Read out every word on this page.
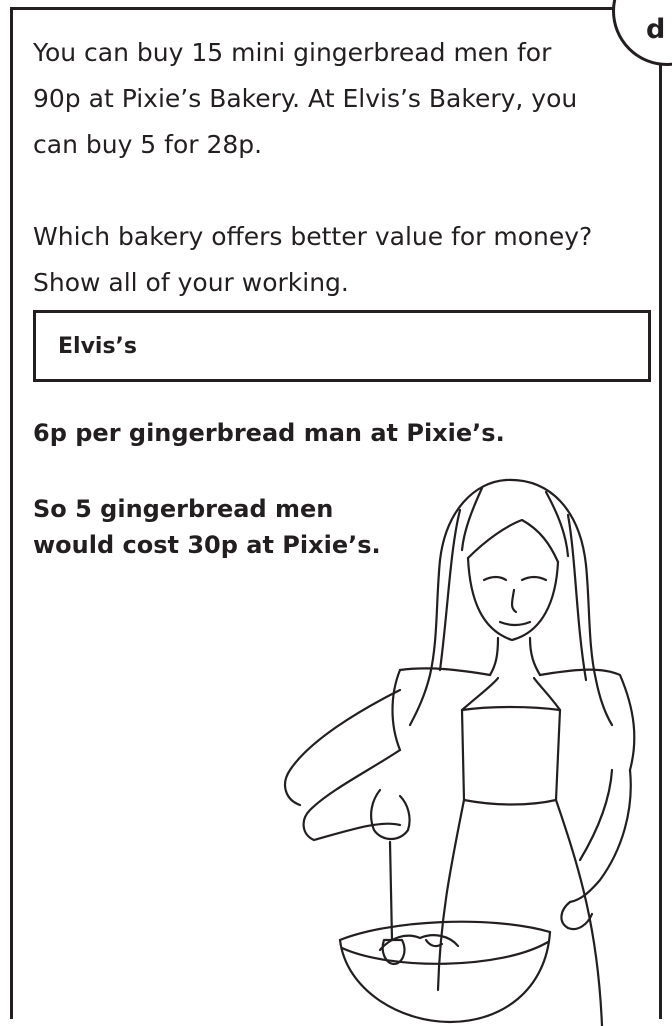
d
You can buy 15 mini gingerbread men for
90p at Pixie’s Bakery. At Elvis’s Bakery, you
can buy 5 for 28p.
Which bakery offers better value for money?
Show all of your working.
Elvis’s
6p per gingerbread man at Pixie’s.
So 5 gingerbread men
would cost 30p at Pixie’s.
